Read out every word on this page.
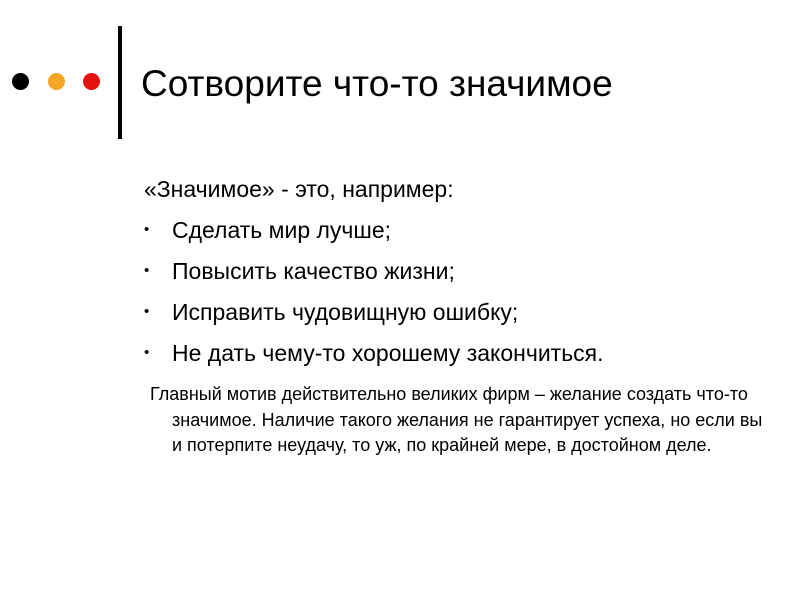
Сотворите что-то значимое

«Значимое» - это, например:

• Сделать мир лучше;
• Повысить качество жизни;
• Исправить чудовищную ошибку;
• Не дать чему-то хорошему закончиться.

Главный мотив действительно великих фирм – желание создать что-то значимое. Наличие такого желания не гарантирует успеха, но если вы и потерпите неудачу, то уж, по крайней мере, в достойном деле.
